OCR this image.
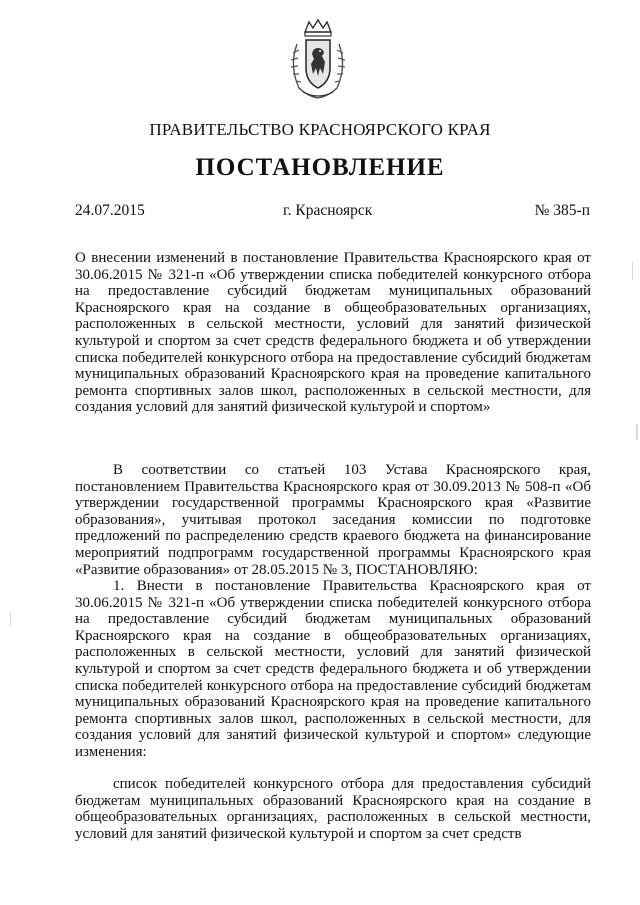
ПРАВИТЕЛЬСТВО КРАСНОЯРСКОГО КРАЯ
ПОСТАНОВЛЕНИЕ
24.07.2015	г. Красноярск	№ 385-п
О внесении изменений в постановление Правительства Красноярского края от 30.06.2015 № 321-п «Об утверждении списка победителей конкурсного отбора на предоставление субсидий бюджетам муниципальных образований Красноярского края на создание в общеобразовательных организациях, расположенных в сельской местности, условий для занятий физической культурой и спортом за счет средств федерального бюджета и об утверждении списка победителей конкурсного отбора на предоставление субсидий бюджетам муниципальных образований Красноярского края на проведение капитального ремонта спортивных залов школ, расположенных в сельской местности, для создания условий для занятий физической культурой и спортом»
В соответствии со статьей 103 Устава Красноярского края, постановлением Правительства Красноярского края от 30.09.2013 № 508-п «Об утверждении государственной программы Красноярского края «Развитие образования», учитывая протокол заседания комиссии по подготовке предложений по распределению средств краевого бюджета на финансирование мероприятий подпрограмм государственной программы Красноярского края «Развитие образования» от 28.05.2015 № 3, ПОСТАНОВЛЯЮ:
1. Внести в постановление Правительства Красноярского края от 30.06.2015 № 321-п «Об утверждении списка победителей конкурсного отбора на предоставление субсидий бюджетам муниципальных образований Красноярского края на создание в общеобразовательных организациях, расположенных в сельской местности, условий для занятий физической культурой и спортом за счет средств федерального бюджета и об утверждении списка победителей конкурсного отбора на предоставление субсидий бюджетам муниципальных образований Красноярского края на проведение капитального ремонта спортивных залов школ, расположенных в сельской местности, для создания условий для занятий физической культурой и спортом» следующие изменения:
список победителей конкурсного отбора для предоставления субсидий бюджетам муниципальных образований Красноярского края на создание в общеобразовательных организациях, расположенных в сельской местности, условий для занятий физической культурой и спортом за счет средств
